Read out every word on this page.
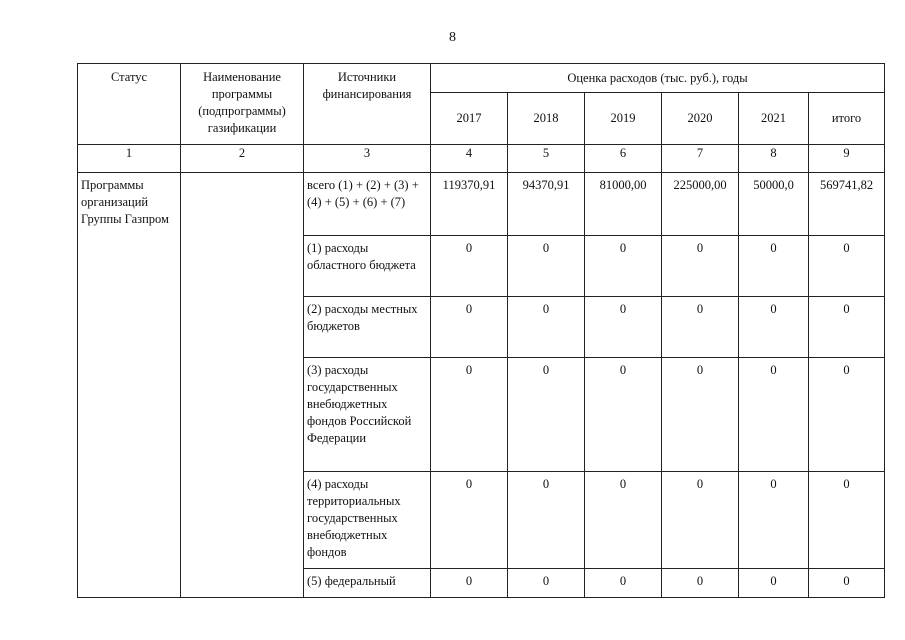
8
Статус	Наименование программы (подпрограммы) газификации	Источники финансирования	Оценка расходов (тыс. руб.), годы					
			2017	2018	2019	2020	2021	итого
1	2	3	4	5	6	7	8	9
Программы организаций Группы Газпром		всего (1) + (2) + (3) + (4) + (5) + (6) + (7)	119370,91	94370,91	81000,00	225000,00	50000,0	569741,82
		(1) расходы областного бюджета	0	0	0	0	0	0
		(2) расходы местных бюджетов	0	0	0	0	0	0
		(3) расходы государственных внебюджетных фондов Российской Федерации	0	0	0	0	0	0
		(4) расходы территориальных государственных внебюджетных фондов	0	0	0	0	0	0
		(5) федеральный	0	0	0	0	0	0
